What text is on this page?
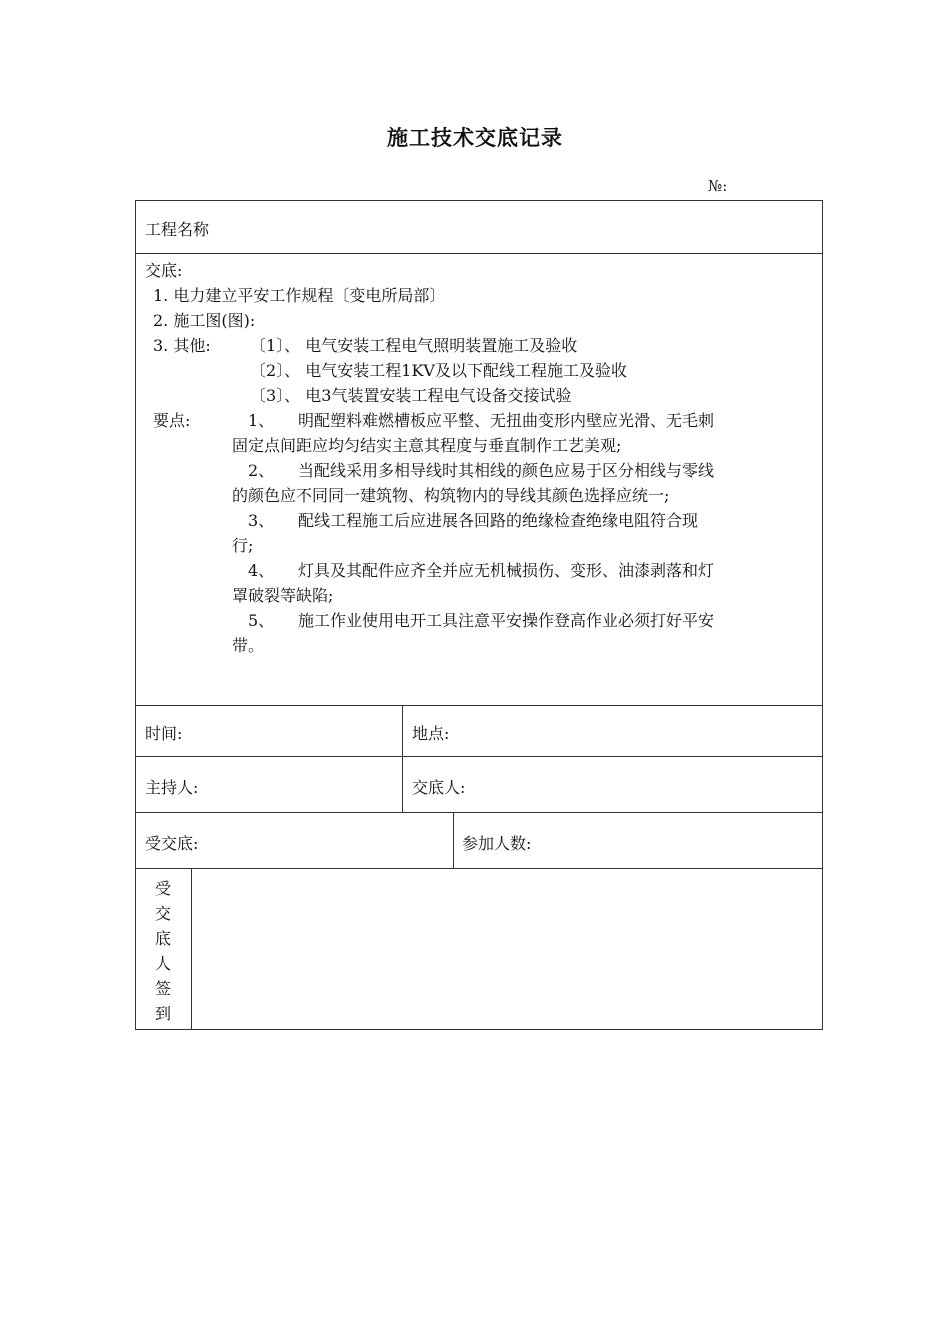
施工技术交底记录
№:
工程名称
交底:
1. 电力建立平安工作规程〔变电所局部〕
2. 施工图(图):
3. 其他: 〔1〕、 电气安装工程电气照明装置施工及验收
〔2〕、 电气安装工程1KV及以下配线工程施工及验收
〔3〕、 电3气装置安装工程电气设备交接试验
要点:	1、 明配塑料难燃槽板应平整、无扭曲变形内壁应光滑、无毛刺
固定点间距应均匀结实主意其程度与垂直制作工艺美观;
2、 当配线采用多相导线时其相线的颜色应易于区分相线与零线
的颜色应不同同一建筑物、构筑物内的导线其颜色选择应统一;
3、 配线工程施工后应进展各回路的绝缘检查绝缘电阻符合现
行;
4、 灯具及其配件应齐全并应无机械损伤、变形、油漆剥落和灯
罩破裂等缺陷;
5、 施工作业使用电开工具注意平安操作登高作业必须打好平安
带。
时间:	地点:
主持人:	交底人:
受交底:	参加人数:
受
交
底
人
签
到
